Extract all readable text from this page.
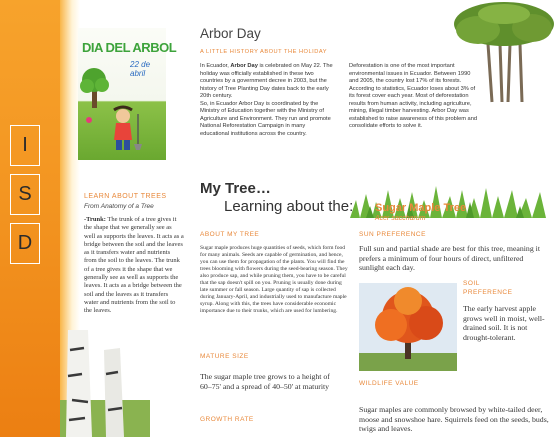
I
S
D
DIA DEL ARBOL
22 de abril
Arbor Day
A LITTLE HISTORY ABOUT THE HOLIDAY
In Ecuador, Arbor Day is celebrated on May 22. The holiday was officially established in these two countries by a government decree in 2003, but the history of Tree Planting Day dates back to the early 20th century.
So, in Ecuador Arbor Day is coordinated by the Ministry of Education together with the Ministry of Agriculture and Environment. They run and promote National Reforestation Campaign in many educational institutions across the country.
Deforestation is one of the most important environmental issues in Ecuador. Between 1990 and 2005, the country lost 17% of its forests. According to statistics, Ecuador loses about 3% of its forest cover each year. Most of deforestation results from human activity, including agriculture, mining, illegal timber harvesting. Arbor Day was established to raise awareness of this problem and consolidate efforts to solve it.
LEARN ABOUT TREES
From Anatomy of a Tree
-Trunk: The trunk of a tree gives it the shape that we generally see as well as supports the leaves. It acts as a bridge between the soil and the leaves as it transfers water and nutrients from the soil to the leaves. The trunk of a tree gives it the shape that we generally see as well as supports the leaves. It acts as a bridge between the soil and the leaves as it transfers water and nutrients from the soil to the leaves.
My Tree…
Learning about the: Sugar Maple Tree
Acer saccharum
ABOUT MY TREE
Sugar maple produces huge quantities of seeds, which form food for many animals. Seeds are capable of germination, and hence, you can use them for propagation of the plants. You will find the trees blooming with flowers during the seed-bearing season. They also produce sap, and while pruning them, you have to be careful that the sap doesn't spill on you. Pruning is usually done during late summer or fall season. Large quantity of sap is collected during January-April, and industrially used to manufacture maple syrup. Along with this, the trees have considerable economic importance due to their trunks, which are used for lumbering.
MATURE SIZE
The sugar maple tree grows to a height of 60–75' and a spread of 40–50' at maturity
GROWTH RATE
SUN PREFERENCE
Full sun and partial shade are best for this tree, meaning it prefers a minimum of four hours of direct, unfiltered sunlight each day.
SOIL PREFERENCE
The early harvest apple grows well in moist, well-drained soil. It is not drought-tolerant.
WILDLIFE VALUE
Sugar maples are commonly browsed by white-tailed deer, moose and snowshoe hare. Squirrels feed on the seeds, buds, twigs and leaves.
